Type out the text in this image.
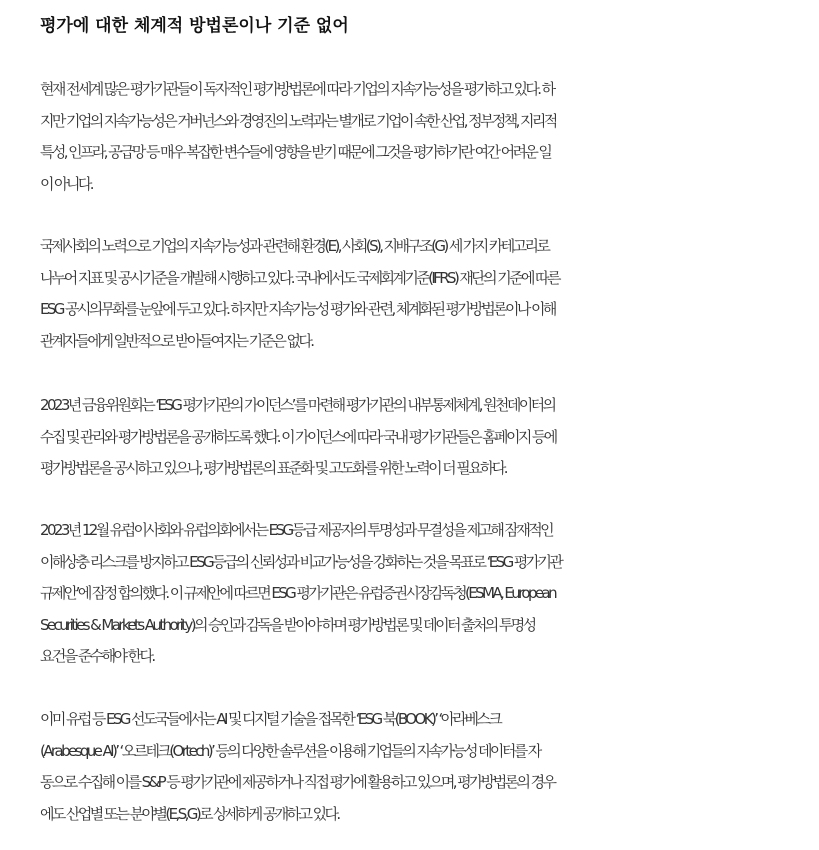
평가에 대한 체계적 방법론이나 기준 없어

현재 전세계 많은 평가기관들이 독자적인 평가방법론에 따라 기업의 지속가능성을 평가하고 있다. 하
지만 기업의 지속가능성은 거버넌스와 경영진의 노력과는 별개로 기업이 속한 산업, 정부정책, 지리적
특성, 인프라, 공급망 등 매우 복잡한 변수들에 영향을 받기 때문에 그것을 평가하기란 여간 어려운 일
이 아니다.

국제사회의 노력으로 기업의 지속가능성과 관련해 환경(E), 사회(S), 지배구조(G) 세 가지 카테고리로
나누어 지표 및 공시기준을 개발해 시행하고 있다. 국내에서도 국제회계기준(IFRS) 재단의 기준에 따른
ESG 공시의무화를 눈앞에 두고 있다. 하지만 지속가능성 평가와 관련, 체계화된 평가방법론이나 이해
관계자들에게 일반적으로 받아들여지는 기준은 없다.

2023년 금융위원회는 ‘ESG 평가기관의 가이던스’를 마련해 평가기관의 내부통제체계, 원천데이터의
수집 및 관리와 평가방법론을 공개하도록 했다. 이 가이던스에 따라 국내 평가기관들은 홈페이지 등에
평가방법론을 공시하고 있으나, 평가방법론의 표준화 및 고도화를 위한 노력이 더 필요하다.

2023년 12월 유럽이사회와 유럽의회에서는 ESG등급 제공자의 투명성과 무결성을 제고해 잠재적인
이해상충 리스크를 방지하고 ESG등급의 신뢰성과 비교가능성을 강화하는 것을 목표로 ‘ESG 평가기관
규제안’에 잠정 합의했다. 이 규제안에 따르면 ESG 평가기관은 유럽증권시장감독청(ESMA, European
Securities & Markets Authority)의 승인과 감독을 받아야 하며 평가방법론 및 데이터 출처의 투명성
요건을 준수해야 한다.

이미 유럽 등 ESG 선도국들에서는 AI 및 디지털 기술을 접목한 ‘ESG 북(BOOK)’ ‘아라베스크
(Arabesque AI)’ ‘오르테크(Ortech)’ 등의 다양한 솔루션을 이용해 기업들의 지속가능성 데이터를 자
동으로 수집해 이를 S&P 등 평가기관에 제공하거나 직접 평가에 활용하고 있으며, 평가방법론의 경우
에도 산업별 또는 분야별(E,S,G)로 상세하게 공개하고 있다.
